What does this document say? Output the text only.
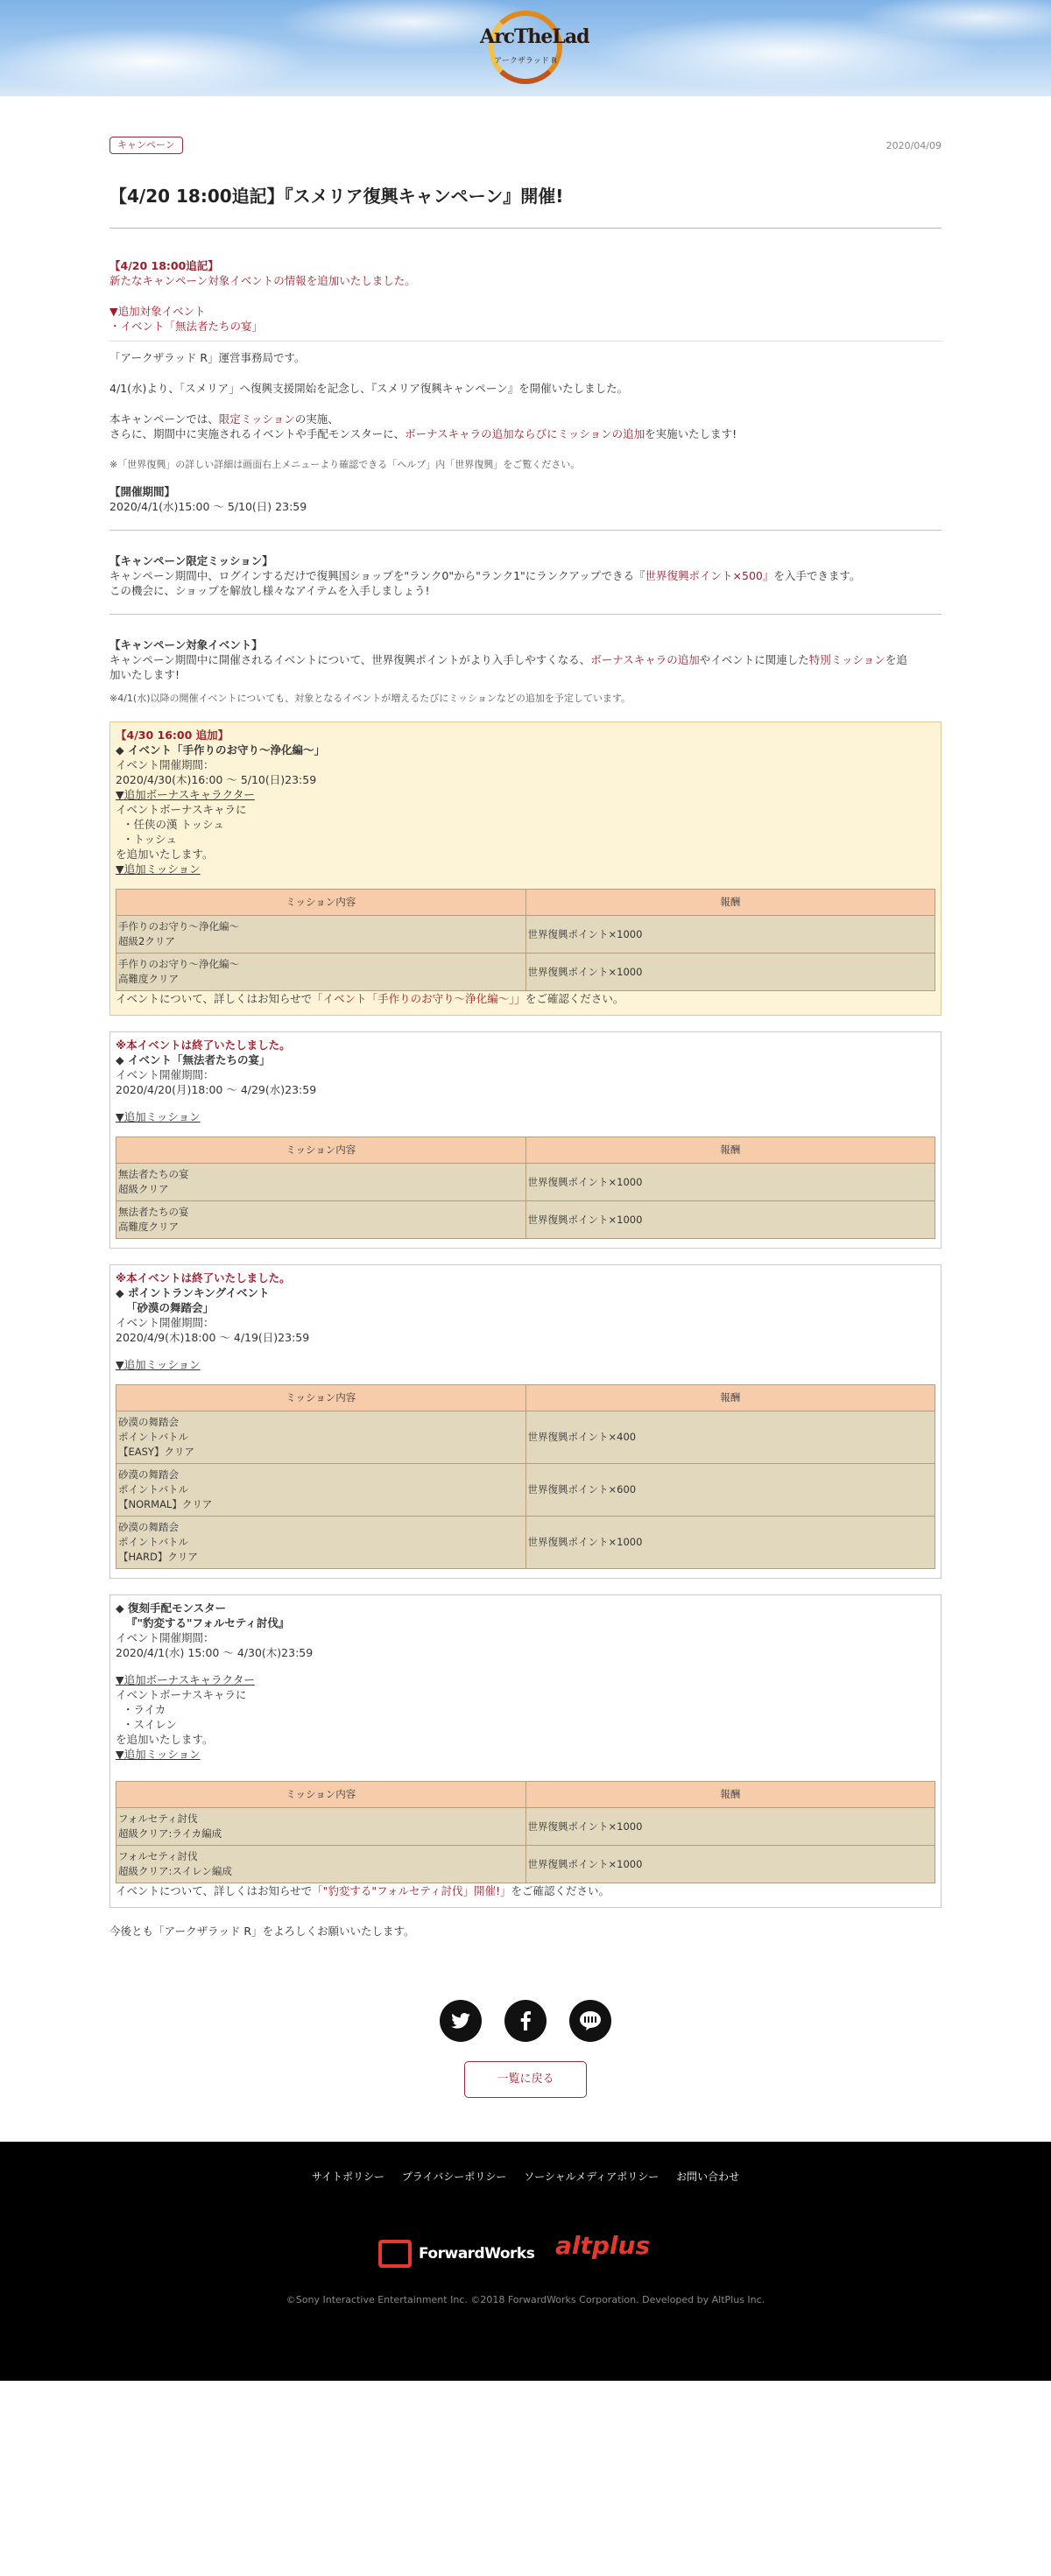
ArcTheLad
アークザラッド R
キャンペーン	2020/04/09
【4/20 18:00追記】『スメリア復興キャンペーン』開催!

【4/20 18:00追記】

新たなキャンペーン対象イベントの情報を追加いたしました。

▼追加対象イベント

・イベント「無法者たちの宴」

「アークザラッド R」運営事務局です。

4/1(水)より、「スメリア」へ復興支援開始を記念し、『スメリア復興キャンペーン』を開催いたしました。

本キャンペーンでは、限定ミッションの実施、

さらに、期間中に実施されるイベントや手配モンスターに、ボーナスキャラの追加ならびにミッションの追加を実施いたします!

※「世界復興」の詳しい詳細は画面右上メニューより確認できる「ヘルプ」内「世界復興」をご覧ください。

【開催期間】

2020/4/1(水)15:00 ～ 5/10(日) 23:59

【キャンペーン限定ミッション】

キャンペーン期間中、ログインするだけで復興国ショップを"ランク0"から"ランク1"にランクアップできる『世界復興ポイント×500』を入手できます。

この機会に、ショップを解放し様々なアイテムを入手しましょう!

【キャンペーン対象イベント】

キャンペーン期間中に開催されるイベントについて、世界復興ポイントがより入手しやすくなる、ボーナスキャラの追加やイベントに関連した特別ミッションを追

加いたします!

※4/1(水)以降の開催イベントについても、対象となるイベントが増えるたびにミッションなどの追加を予定しています。

【4/30 16:00 追加】

◆ イベント「手作りのお守り～浄化編～」

イベント開催期間：

2020/4/30(木)16:00 ～ 5/10(日)23:59

▼追加ボーナスキャラクター

イベントボーナスキャラに

・任侠の漢 トッシュ

・トッシュ

を追加いたします。

▼追加ミッション

ミッション内容	報酬
手作りのお守り～浄化編～
超級2クリア	世界復興ポイント×1000
手作りのお守り～浄化編～
高難度クリア	世界復興ポイント×1000

イベントについて、詳しくはお知らせで「イベント「手作りのお守り～浄化編～」」をご確認ください。

※本イベントは終了いたしました。

◆ イベント「無法者たちの宴」

イベント開催期間：

2020/4/20(月)18:00 ～ 4/29(水)23:59

▼追加ミッション

ミッション内容	報酬
無法者たちの宴
超級クリア	世界復興ポイント×1000
無法者たちの宴
高難度クリア	世界復興ポイント×1000

※本イベントは終了いたしました。

◆ ポイントランキングイベント

「砂漠の舞踏会」

イベント開催期間：

2020/4/9(木)18:00 ～ 4/19(日)23:59

▼追加ミッション

ミッション内容	報酬
砂漠の舞踏会
ポイントバトル
【EASY】クリア	世界復興ポイント×400
砂漠の舞踏会
ポイントバトル
【NORMAL】クリア	世界復興ポイント×600
砂漠の舞踏会
ポイントバトル
【HARD】クリア	世界復興ポイント×1000

◆ 復刻手配モンスター

『"豹変する"フォルセティ討伐』

イベント開催期間：

2020/4/1(水) 15:00 ～ 4/30(木)23:59

▼追加ボーナスキャラクター

イベントボーナスキャラに

・ライカ

・スイレン

を追加いたします。

▼追加ミッション

ミッション内容	報酬
フォルセティ討伐
超級クリア:ライカ編成	世界復興ポイント×1000
フォルセティ討伐
超級クリア:スイレン編成	世界復興ポイント×1000

イベントについて、詳しくはお知らせで「"豹変する"フォルセティ討伐」開催!」をご確認ください。

今後とも「アークザラッド R」をよろしくお願いいたします。

一覧に戻る
サイトポリシー プライバシーポリシー ソーシャルメディアポリシー お問い合わせ
ForwardWorks altplus
©Sony Interactive Entertainment Inc. ©2018 ForwardWorks Corporation. Developed by AltPlus Inc.
